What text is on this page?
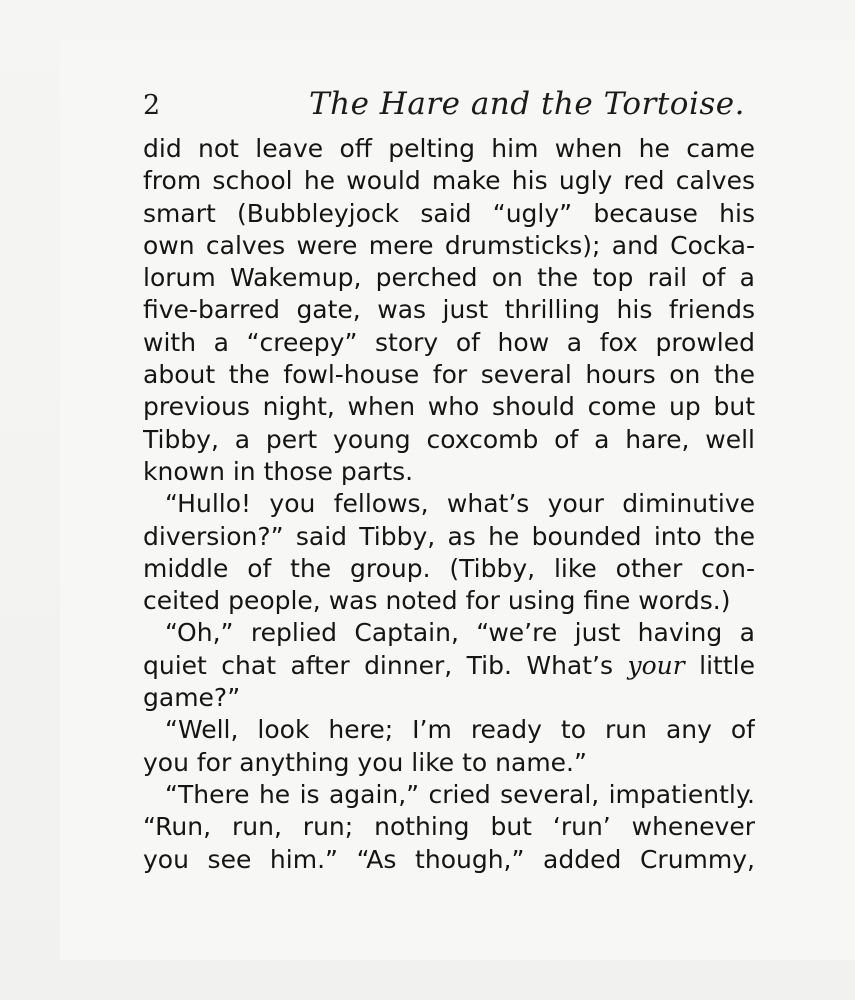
2	The Hare and the Tortoise.
did not leave off pelting him when he came
from school he would make his ugly red calves
smart (Bubbleyjock said “ugly” because his
own calves were mere drumsticks); and Cocka-
lorum Wakemup, perched on the top rail of a
five-barred gate, was just thrilling his friends
with a “creepy” story of how a fox prowled
about the fowl-house for several hours on the
previous night, when who should come up but
Tibby, a pert young coxcomb of a hare, well
known in those parts.
“Hullo! you fellows, what’s your diminutive
diversion?” said Tibby, as he bounded into the
middle of the group. (Tibby, like other con-
ceited people, was noted for using fine words.)
“Oh,” replied Captain, “we’re just having a
quiet chat after dinner, Tib. What’s your little
game?”
“Well, look here; I’m ready to run any of
you for anything you like to name.”
“There he is again,” cried several, impatiently.
“Run, run, run; nothing but ‘run’ whenever
you see him.” “As though,” added Crummy,
